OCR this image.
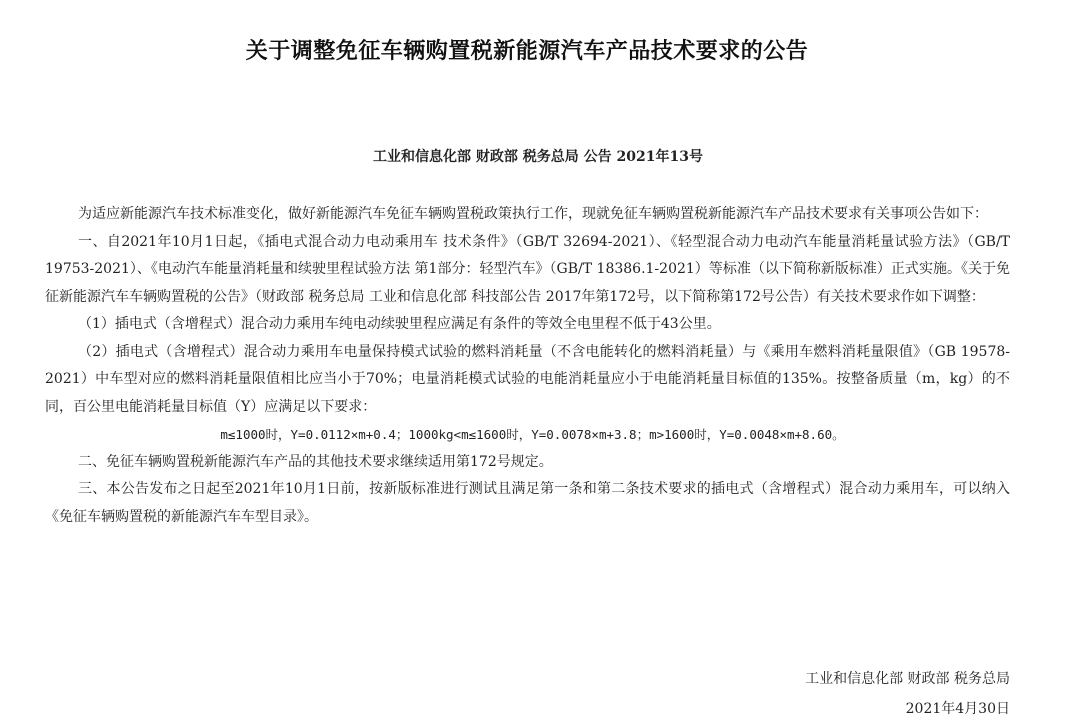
关于调整免征车辆购置税新能源汽车产品技术要求的公告
工业和信息化部 财政部 税务总局 公告 2021年13号

为适应新能源汽车技术标准变化，做好新能源汽车免征车辆购置税政策执行工作，现就免征车辆购置税新能源汽车产品技术要求有关事项公告如下：

一、自2021年10月1日起，《插电式混合动力电动乘用车 技术条件》（GB/T 32694-2021）、《轻型混合动力电动汽车能量消耗量试验方法》（GB/T 19753-2021）、《电动汽车能量消耗量和续驶里程试验方法 第1部分：轻型汽车》（GB/T 18386.1-2021）等标准（以下简称新版标准）正式实施。《关于免征新能源汽车车辆购置税的公告》（财政部 税务总局 工业和信息化部 科技部公告 2017年第172号，以下简称第172号公告）有关技术要求作如下调整：

（1）插电式（含增程式）混合动力乘用车纯电动续驶里程应满足有条件的等效全电里程不低于43公里。

（2）插电式（含增程式）混合动力乘用车电量保持模式试验的燃料消耗量（不含电能转化的燃料消耗量）与《乘用车燃料消耗量限值》（GB 19578-2021）中车型对应的燃料消耗量限值相比应当小于70%；电量消耗模式试验的电能消耗量应小于电能消耗量目标值的135%。按整备质量（m，kg）的不同，百公里电能消耗量目标值（Y）应满足以下要求：

m≤1000时，Y=0.0112×m+0.4；1000kg<m≤1600时，Y=0.0078×m+3.8；m>1600时，Y=0.0048×m+8.60。

二、免征车辆购置税新能源汽车产品的其他技术要求继续适用第172号规定。

三、本公告发布之日起至2021年10月1日前，按新版标准进行测试且满足第一条和第二条技术要求的插电式（含增程式）混合动力乘用车，可以纳入《免征车辆购置税的新能源汽车车型目录》。

工业和信息化部 财政部 税务总局
2021年4月30日
